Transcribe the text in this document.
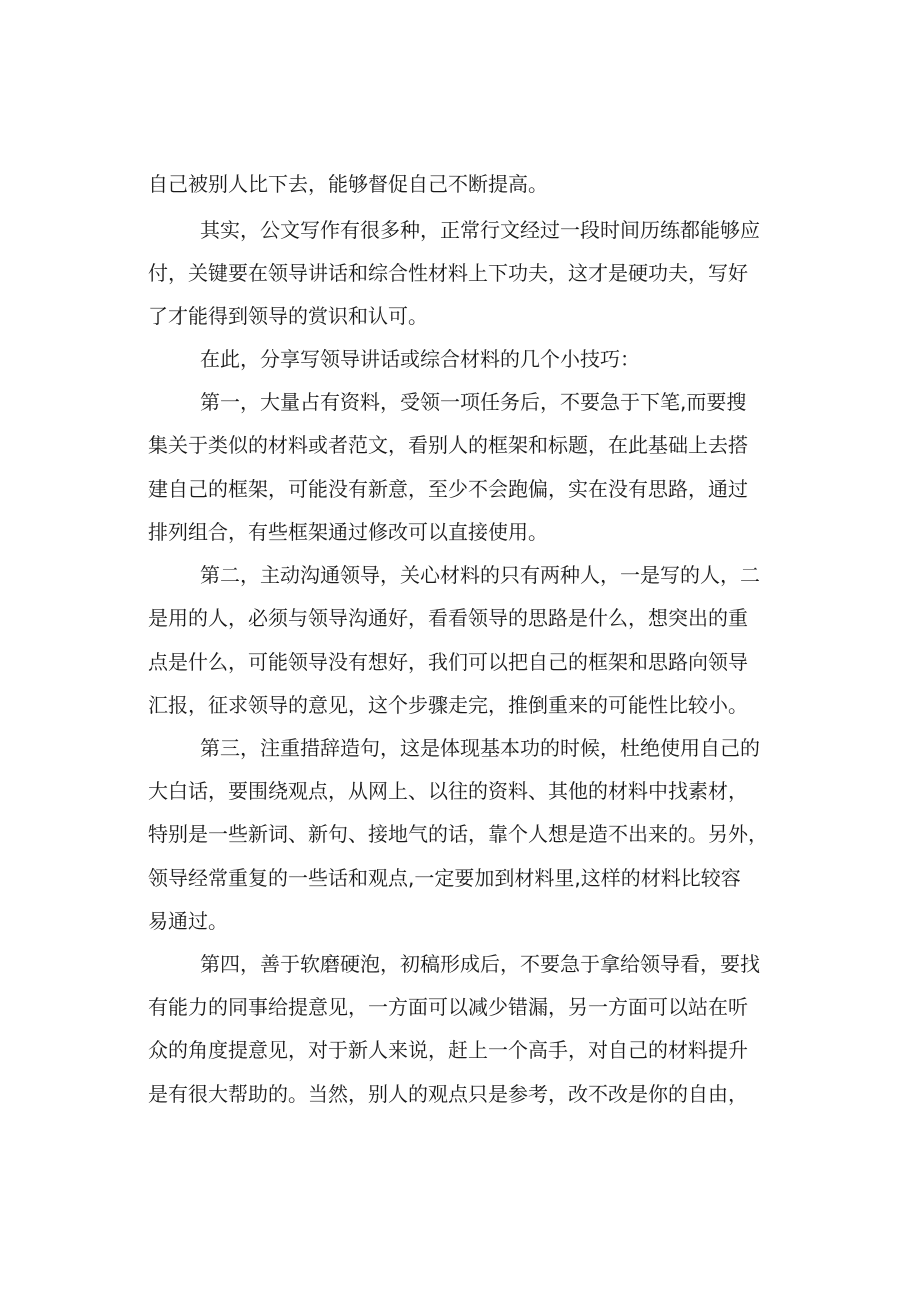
自己被别人比下去，能够督促自己不断提高。
其实，公文写作有很多种，正常行文经过一段时间历练都能够应
付，关键要在领导讲话和综合性材料上下功夫，这才是硬功夫，写好
了才能得到领导的赏识和认可。
在此，分享写领导讲话或综合材料的几个小技巧：
第一，大量占有资料，受领一项任务后，不要急于下笔,而要搜
集关于类似的材料或者范文，看别人的框架和标题，在此基础上去搭
建自己的框架，可能没有新意，至少不会跑偏，实在没有思路，通过
排列组合，有些框架通过修改可以直接使用。
第二，主动沟通领导，关心材料的只有两种人，一是写的人，二
是用的人，必须与领导沟通好，看看领导的思路是什么，想突出的重
点是什么，可能领导没有想好，我们可以把自己的框架和思路向领导
汇报，征求领导的意见，这个步骤走完，推倒重来的可能性比较小。
第三，注重措辞造句，这是体现基本功的时候，杜绝使用自己的
大白话，要围绕观点，从网上、以往的资料、其他的材料中找素材，
特别是一些新词、新句、接地气的话，靠个人想是造不出来的。另外，
领导经常重复的一些话和观点,一定要加到材料里,这样的材料比较容
易通过。
第四，善于软磨硬泡，初稿形成后，不要急于拿给领导看，要找
有能力的同事给提意见，一方面可以减少错漏，另一方面可以站在听
众的角度提意见，对于新人来说，赶上一个高手，对自己的材料提升
是有很大帮助的。当然，别人的观点只是参考，改不改是你的自由，
